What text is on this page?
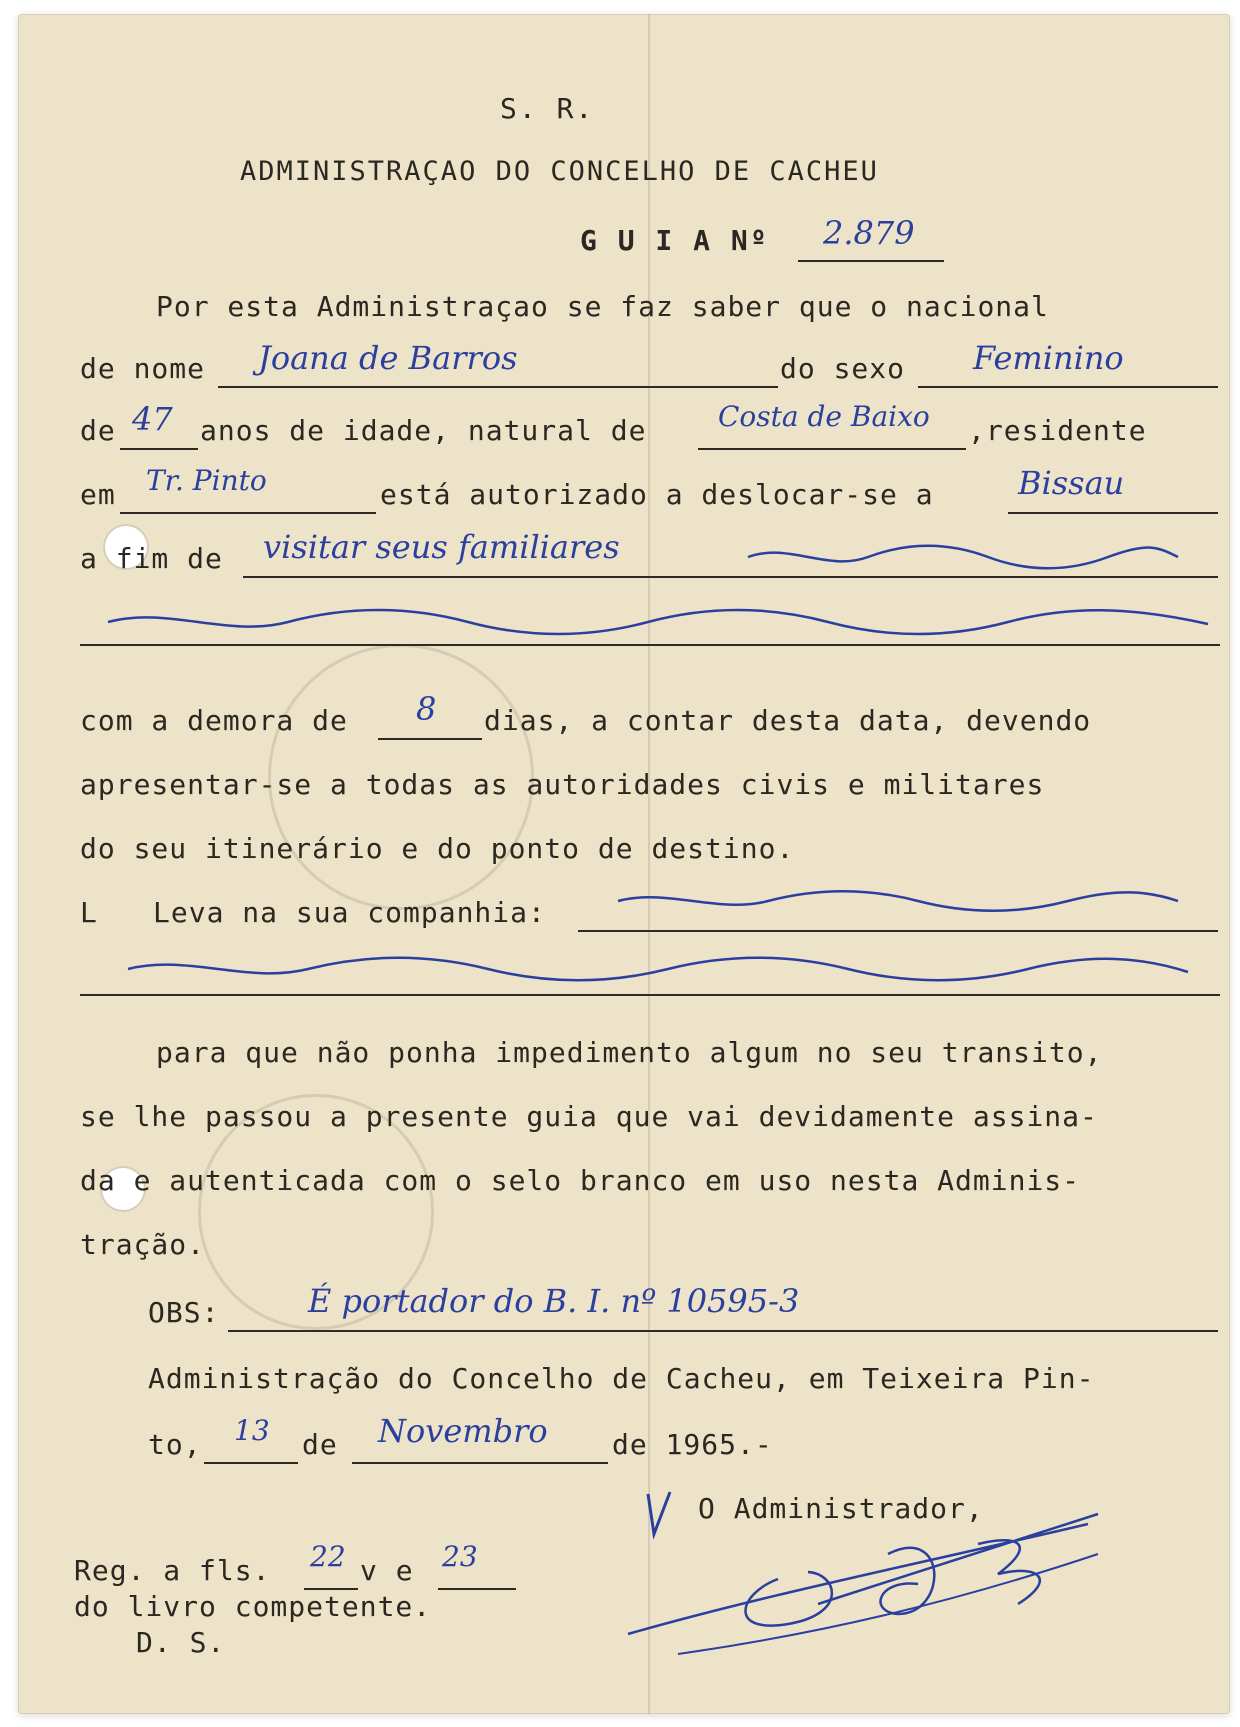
S. R.
ADMINISTRAÇAO DO CONCELHO DE CACHEU
G U I A Nº 2.879
Por esta Administraçao se faz saber que o nacional
de nome Joana de Barros	do sexo Feminino
de 47 anos de idade, natural de	Costa de Baixo ,residente
em Tr. Pinto	está autorizado a deslocar-se a	Bissau
a fim de visitar seus familiares
com a demora de 8 dias, a contar desta data, devendo
apresentar-se a todas as autoridades civis e militares
do seu itinerário e do ponto de destino.
L Leva na sua companhia:
para que não ponha impedimento algum no seu transito,
se lhe passou a presente guia que vai devidamente assina-
da e autenticada com o selo branco em uso nesta Adminis-
tração.
OBS:	É portador do B. I. nº 10595-3
Administração do Concelho de Cacheu, em Teixeira Pin-
to, 13 de Novembro de 1965.-
O Administrador,
Reg. a fls. 22 v e 23
do livro competente.
D. S.
